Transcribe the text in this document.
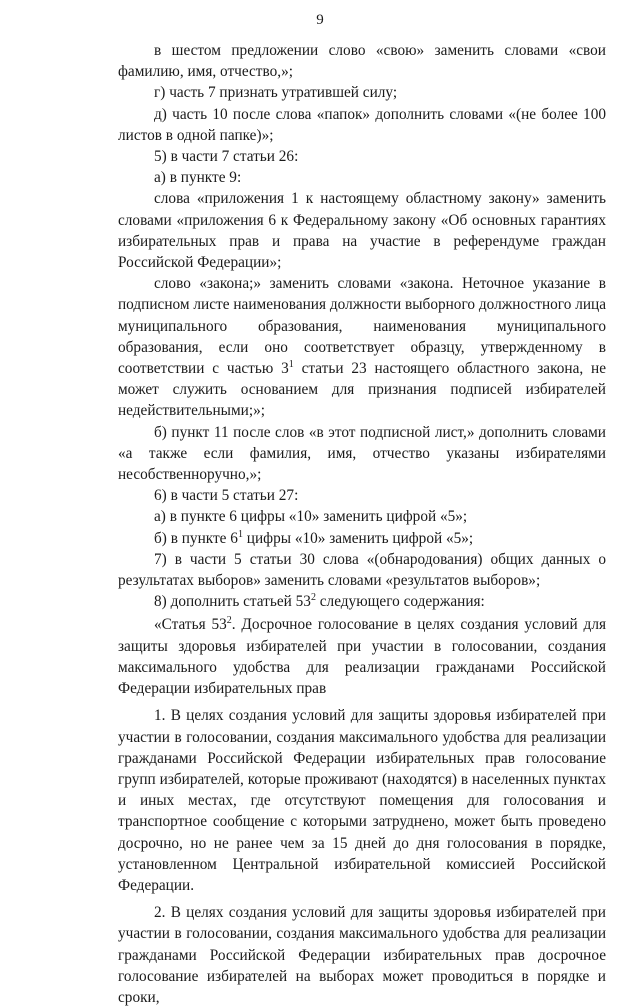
9

в шестом предложении слово «свою» заменить словами «свои фамилию, имя, отчество,»;

г) часть 7 признать утратившей силу;

д) часть 10 после слова «папок» дополнить словами «(не более 100 листов в одной папке)»;

5) в части 7 статьи 26:

а) в пункте 9:

слова «приложения 1 к настоящему областному закону» заменить словами «приложения 6 к Федеральному закону «Об основных гарантиях избирательных прав и права на участие в референдуме граждан Российской Федерации»;

слово «закона;» заменить словами «закона. Неточное указание в подписном листе наименования должности выборного должностного лица муниципального образования, наименования муниципального образования, если оно соответствует образцу, утвержденному в соответствии с частью $3^1$ статьи 23 настоящего областного закона, не может служить основанием для признания подписей избирателей недействительными;»;

б) пункт 11 после слов «в этот подписной лист,» дополнить словами «а также если фамилия, имя, отчество указаны избирателями несобственноручно,»;

6) в части 5 статьи 27:

а) в пункте 6 цифры «10» заменить цифрой «5»;

б) в пункте $6^1$ цифры «10» заменить цифрой «5»;

7) в части 5 статьи 30 слова «(обнародования) общих данных о результатах выборов» заменить словами «результатов выборов»;

8) дополнить статьей $53^2$ следующего содержания:

«Статья $53^2$. Досрочное голосование в целях создания условий для защиты здоровья избирателей при участии в голосовании, создания максимального удобства для реализации гражданами Российской Федерации избирательных прав

1. В целях создания условий для защиты здоровья избирателей при участии в голосовании, создания максимального удобства для реализации гражданами Российской Федерации избирательных прав голосование групп избирателей, которые проживают (находятся) в населенных пунктах и иных местах, где отсутствуют помещения для голосования и транспортное сообщение с которыми затруднено, может быть проведено досрочно, но не ранее чем за 15 дней до дня голосования в порядке, установленном Центральной избирательной комиссией Российской Федерации.

2. В целях создания условий для защиты здоровья избирателей при участии в голосовании, создания максимального удобства для реализации гражданами Российской Федерации избирательных прав досрочное голосование избирателей на выборах может проводиться в порядке и сроки,
